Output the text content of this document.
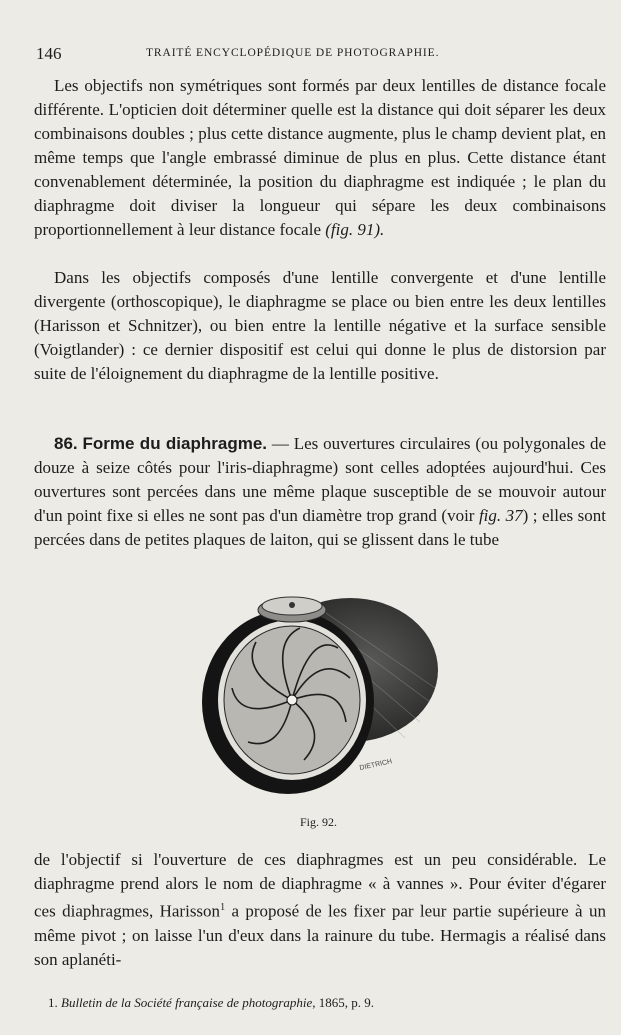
146	TRAITÉ ENCYCLOPÉDIQUE DE PHOTOGRAPHIE.

Les objectifs non symétriques sont formés par deux lentilles de distance focale différente. L'opticien doit déterminer quelle est la distance qui doit séparer les deux combinaisons doubles ; plus cette distance augmente, plus le champ devient plat, en même temps que l'angle embrassé diminue de plus en plus. Cette distance étant convenablement déterminée, la position du diaphragme est indiquée ; le plan du diaphragme doit diviser la longueur qui sépare les deux combinaisons proportionnellement à leur distance focale (fig. 91).

Dans les objectifs composés d'une lentille convergente et d'une lentille divergente (orthoscopique), le diaphragme se place ou bien entre les deux lentilles (Harisson et Schnitzer), ou bien entre la lentille négative et la surface sensible (Voigtlander) : ce dernier dispositif est celui qui donne le plus de distorsion par suite de l'éloignement du diaphragme de la lentille positive.

86. Forme du diaphragme. — Les ouvertures circulaires (ou polygonales de douze à seize côtés pour l'iris-diaphragme) sont celles adoptées aujourd'hui. Ces ouvertures sont percées dans une même plaque susceptible de se mouvoir autour d'un point fixe si elles ne sont pas d'un diamètre trop grand (voir fig. 37) ; elles sont percées dans de petites plaques de laiton, qui se glissent dans le tube

DIETRICH
Fig. 92.

de l'objectif si l'ouverture de ces diaphragmes est un peu considérable. Le diaphragme prend alors le nom de diaphragme « à vannes ». Pour éviter d'égarer ces diaphragmes, Harisson$^1$ a proposé de les fixer par leur partie supérieure à un même pivot ; on laisse l'un d'eux dans la rainure du tube. Hermagis a réalisé dans son aplanéti-

1. Bulletin de la Société française de photographie, 1865, p. 9.
